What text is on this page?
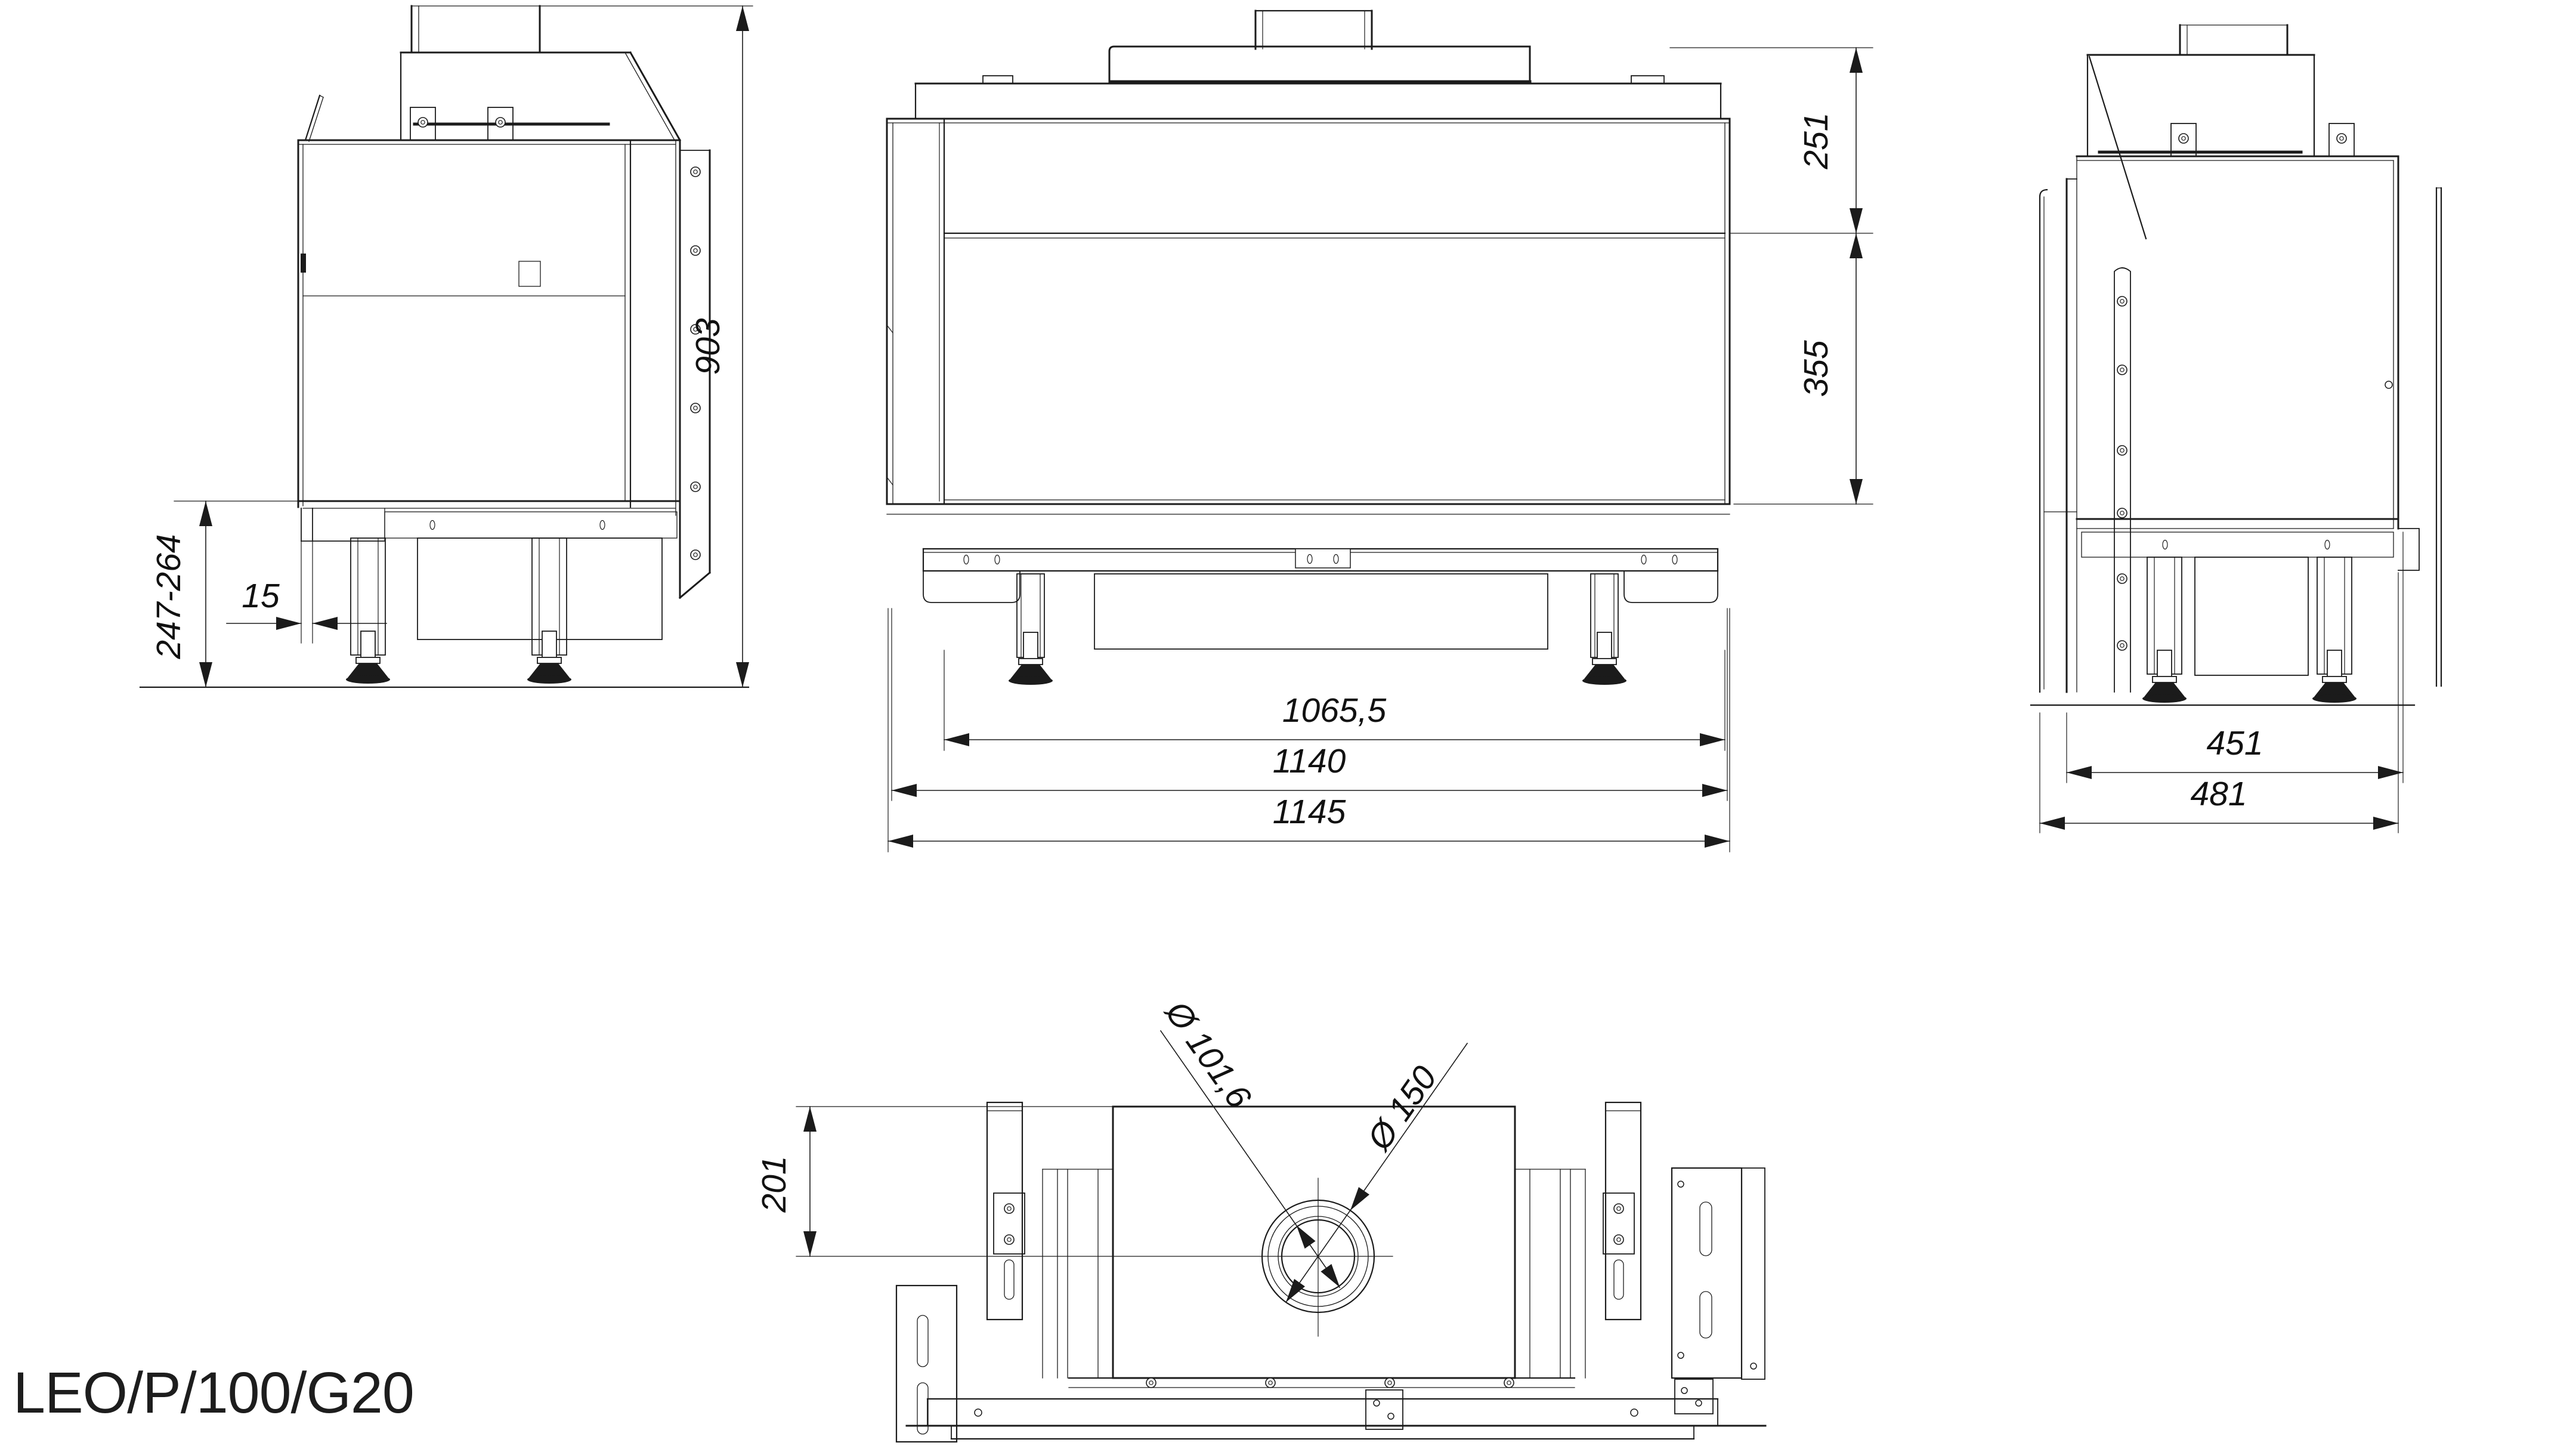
903
247-264 15
251
355
1065,5
1140
1145
451
481
201
Ø 101,6	Ø 150
LEO/P/100/G20
